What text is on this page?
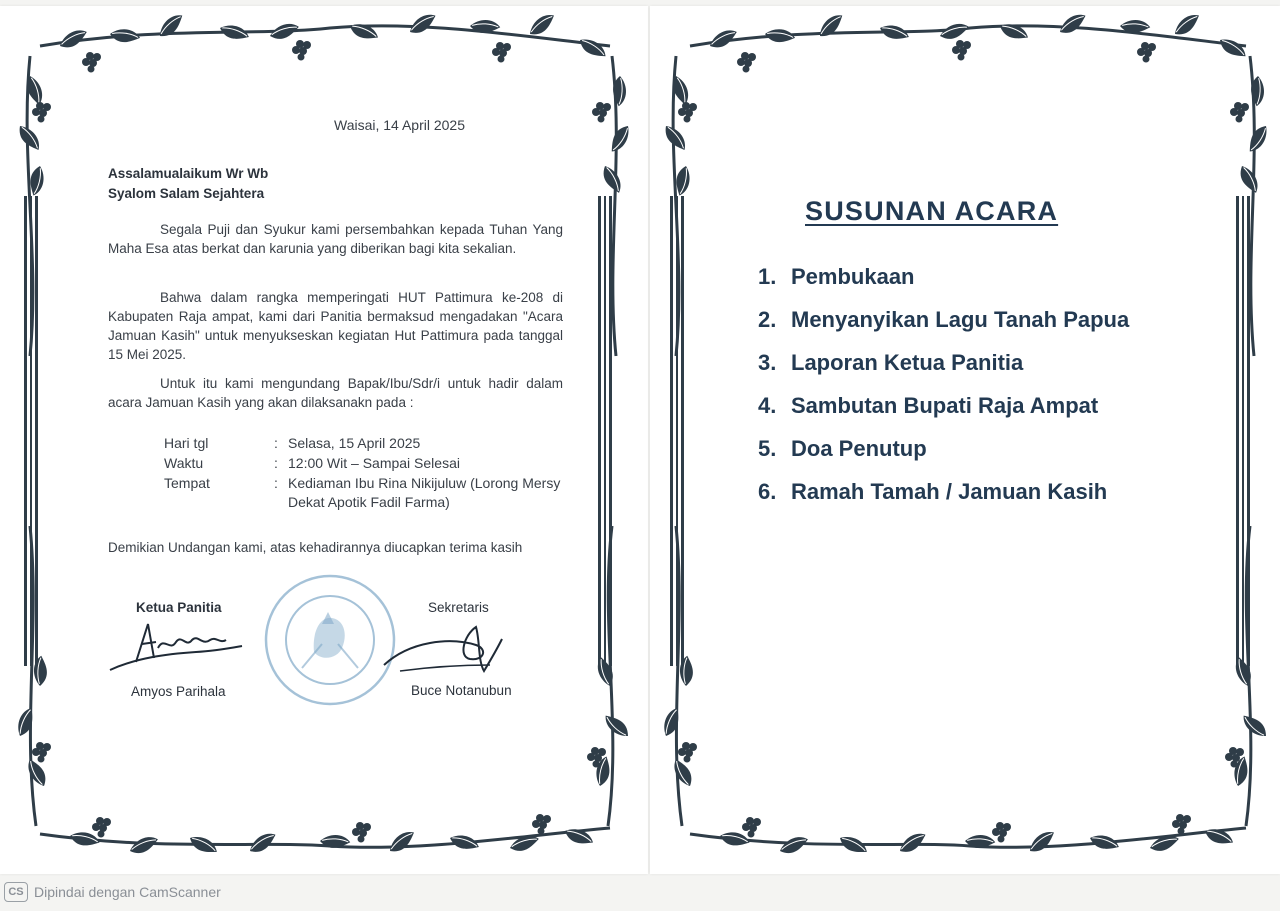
Waisai, 14 April 2025
Assalamualaikum Wr Wb
Syalom Salam Sejahtera
Segala Puji dan Syukur kami persembahkan kepada Tuhan Yang Maha Esa atas berkat dan karunia yang diberikan bagi kita sekalian.
Bahwa dalam rangka memperingati HUT Pattimura ke-208 di Kabupaten Raja ampat, kami dari Panitia bermaksud mengadakan "Acara Jamuan Kasih" untuk menyukseskan kegiatan Hut Pattimura pada tanggal 15 Mei 2025.
Untuk itu kami mengundang Bapak/Ibu/Sdr/i untuk hadir dalam acara Jamuan Kasih yang akan dilaksanakn pada :
Hari tgl	: Selasa, 15 April 2025
Waktu	: 12:00 Wit – Sampai Selesai
Tempat	: Kediaman Ibu Rina Nikijuluw (Lorong Mersy Dekat Apotik Fadil Farma)
Demikian Undangan kami, atas kehadirannya diucapkan terima kasih
Ketua Panitia
Amyos Parihala
Sekretaris
Buce Notanubun
SUSUNAN ACARA
1. Pembukaan
2. Menyanyikan Lagu Tanah Papua
3. Laporan Ketua Panitia
4. Sambutan Bupati Raja Ampat
5. Doa Penutup
6. Ramah Tamah / Jamuan Kasih
CS Dipindai dengan CamScanner
